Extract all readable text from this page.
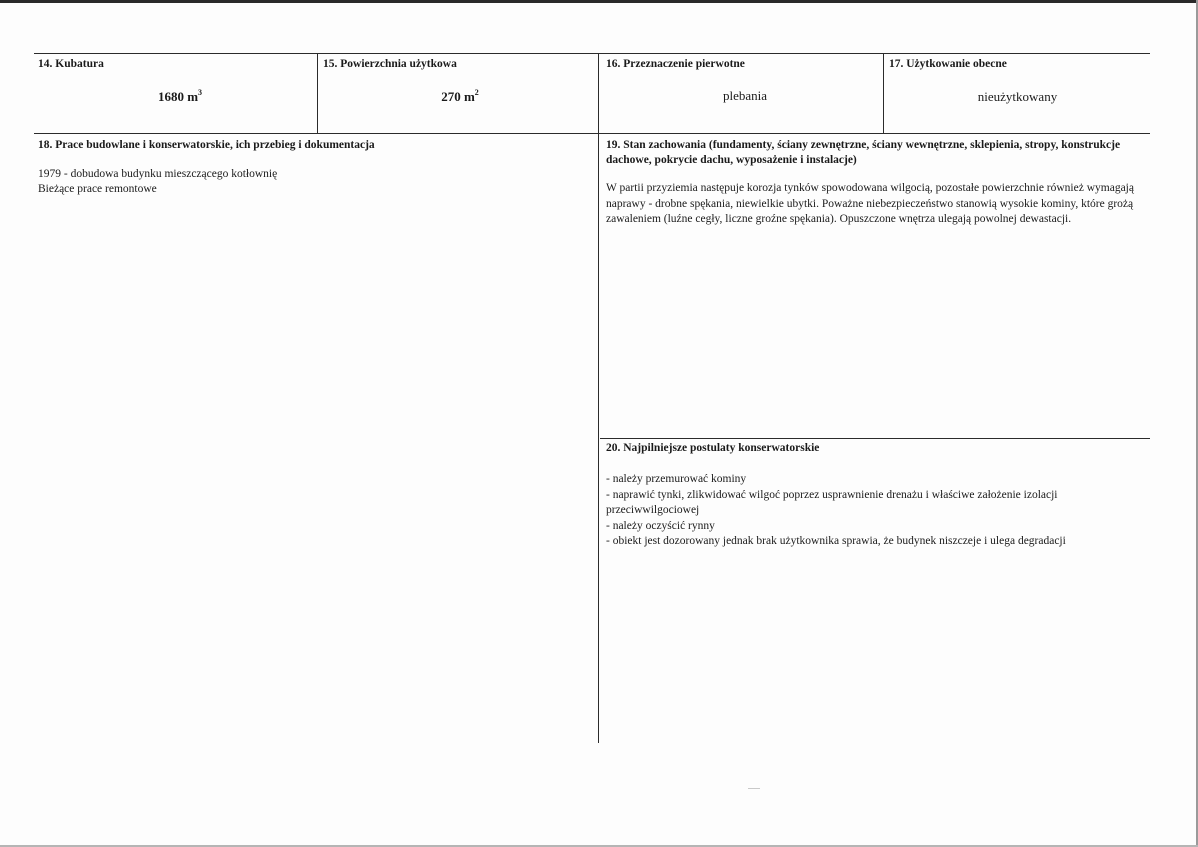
14. Kubatura
1680 $m^3$
15. Powierzchnia użytkowa
270 $m^2$
16. Przeznaczenie pierwotne
plebania
17. Użytkowanie obecne
nieużytkowany
18. Prace budowlane i konserwatorskie, ich przebieg i dokumentacja
1979 - dobudowa budynku mieszczącego kotłownię
Bieżące prace remontowe
19. Stan zachowania (fundamenty, ściany zewnętrzne, ściany wewnętrzne, sklepienia, stropy, konstrukcje dachowe, pokrycie dachu, wyposażenie i instalacje)
W partii przyziemia następuje korozja tynków spowodowana wilgocią, pozostałe powierzchnie również wymagają naprawy - drobne spękania, niewielkie ubytki. Poważne niebezpieczeństwo stanowią wysokie kominy, które grożą zawaleniem (luźne cegły, liczne groźne spękania). Opuszczone wnętrza ulegają powolnej dewastacji.
20. Najpilniejsze postulaty konserwatorskie
- należy przemurować kominy
- naprawić tynki, zlikwidować wilgoć poprzez usprawnienie drenażu i właściwe założenie izolacji przeciwwilgociowej
- należy oczyścić rynny
- obiekt jest dozorowany jednak brak użytkownika sprawia, że budynek niszczeje i ulega degradacji
